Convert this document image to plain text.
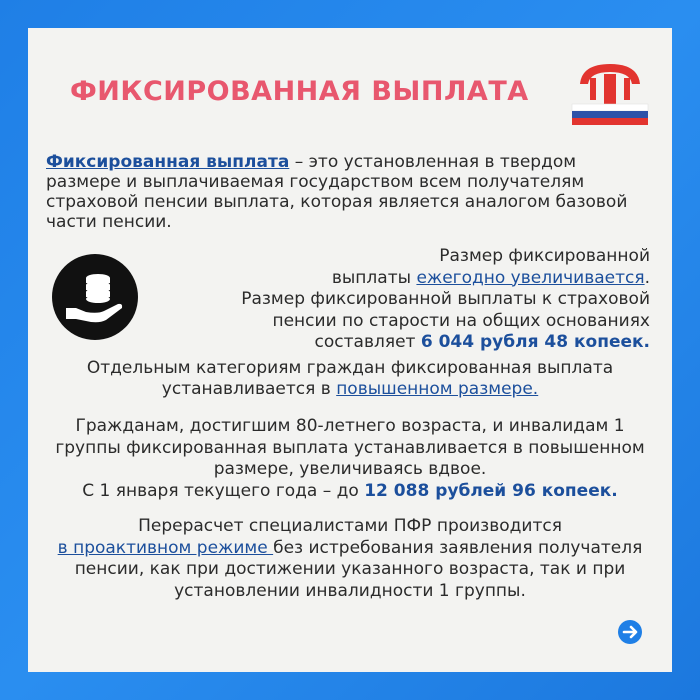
ФИКСИРОВАННАЯ ВЫПЛАТА

Фиксированная выплата – это установленная в твердом размере и выплачиваемая государством всем получателям страховой пенсии выплата, которая является аналогом базовой части пенсии.

Размер фиксированной
выплаты ежегодно увеличивается.
Размер фиксированной выплаты к страховой пенсии по старости на общих основаниях составляет 6 044 рубля 48 копеек.

Отдельным категориям граждан фиксированная выплата устанавливается в повышенном размере.

Гражданам, достигшим 80-летнего возраста, и инвалидам 1 группы фиксированная выплата устанавливается в повышенном размере, увеличиваясь вдвое.
С 1 января текущего года – до 12 088 рублей 96 копеек.

Перерасчет специалистами ПФР производится
в проактивном режиме без истребования заявления получателя пенсии, как при достижении указанного возраста, так и при установлении инвалидности 1 группы.
